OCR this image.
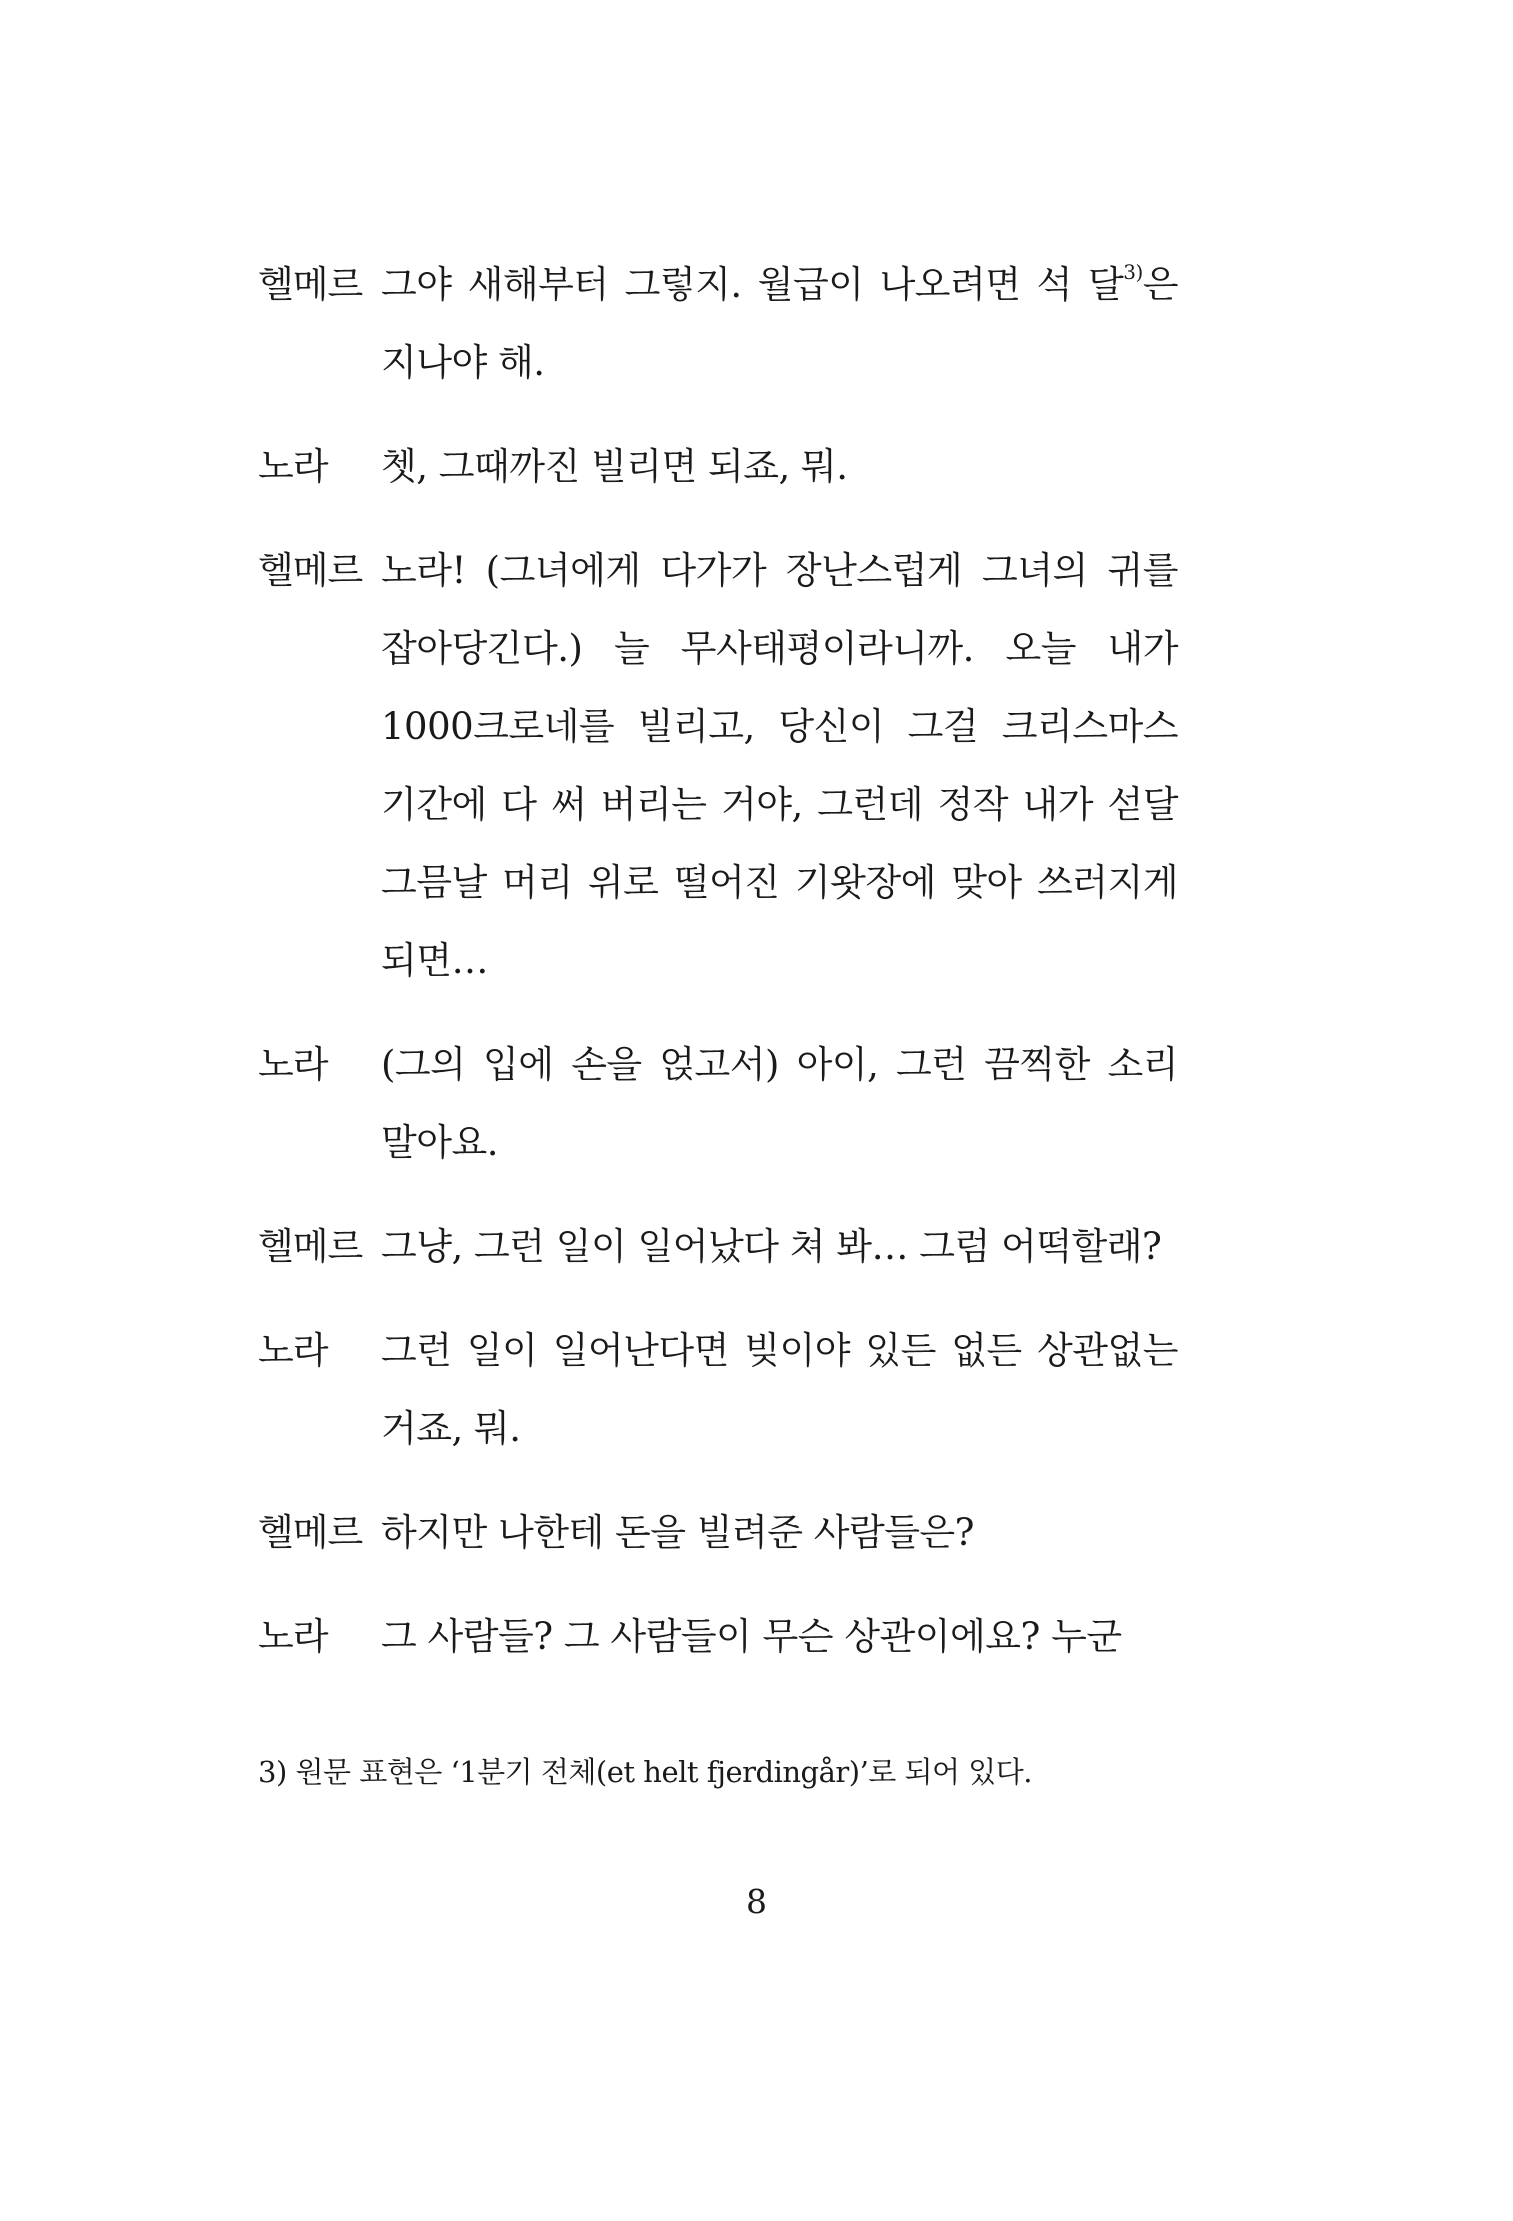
헬메르 그야 새해부터 그렇지. 월급이 나오려면 석 달$^{3)}$은 지나야 해.
노라	쳇, 그때까진 빌리면 되죠, 뭐.
헬메르 노라! (그녀에게 다가가 장난스럽게 그녀의 귀를 잡아당긴다.) 늘 무사태평이라니까. 오늘 내가 1000크로네를 빌리고, 당신이 그걸 크리스마스 기간에 다 써 버리는 거야, 그런데 정작 내가 섣달 그믐날 머리 위로 떨어진 기왓장에 맞아 쓰러지게 되면…
노라	(그의 입에 손을 얹고서) 아이, 그런 끔찍한 소리 말아요.
헬메르 그냥, 그런 일이 일어났다 쳐 봐… 그럼 어떡할래?
노라	그런 일이 일어난다면 빚이야 있든 없든 상관없는 거죠, 뭐.
헬메르 하지만 나한테 돈을 빌려준 사람들은?
노라	그 사람들? 그 사람들이 무슨 상관이에요? 누군
3) 원문 표현은 ‘1분기 전체(et helt fjerdingår)’로 되어 있다.
8
